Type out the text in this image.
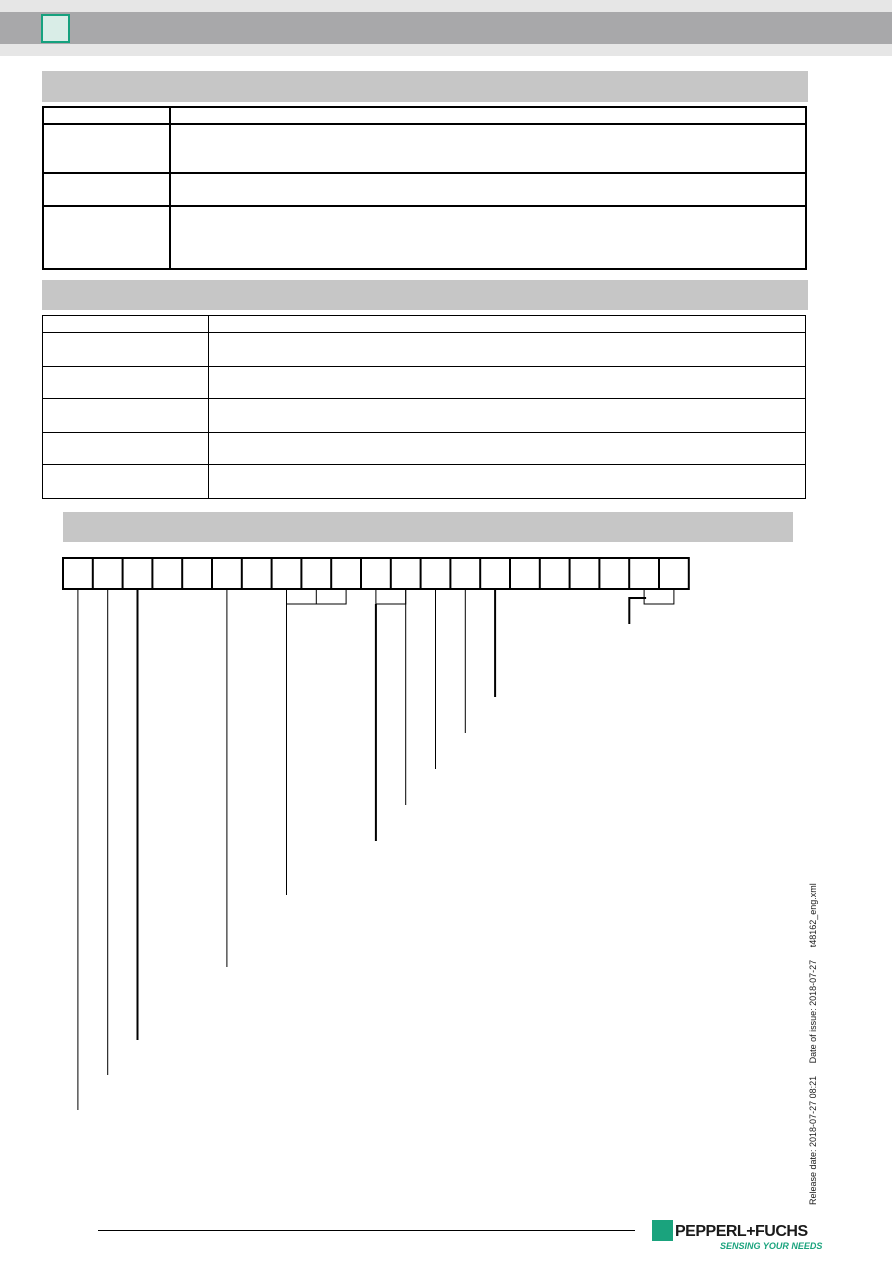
Release date: 2018-07-27 08:21 Date of issue: 2018-07-27 t48162_eng.xml
PEPPERL+FUCHS
SENSING YOUR NEEDS
